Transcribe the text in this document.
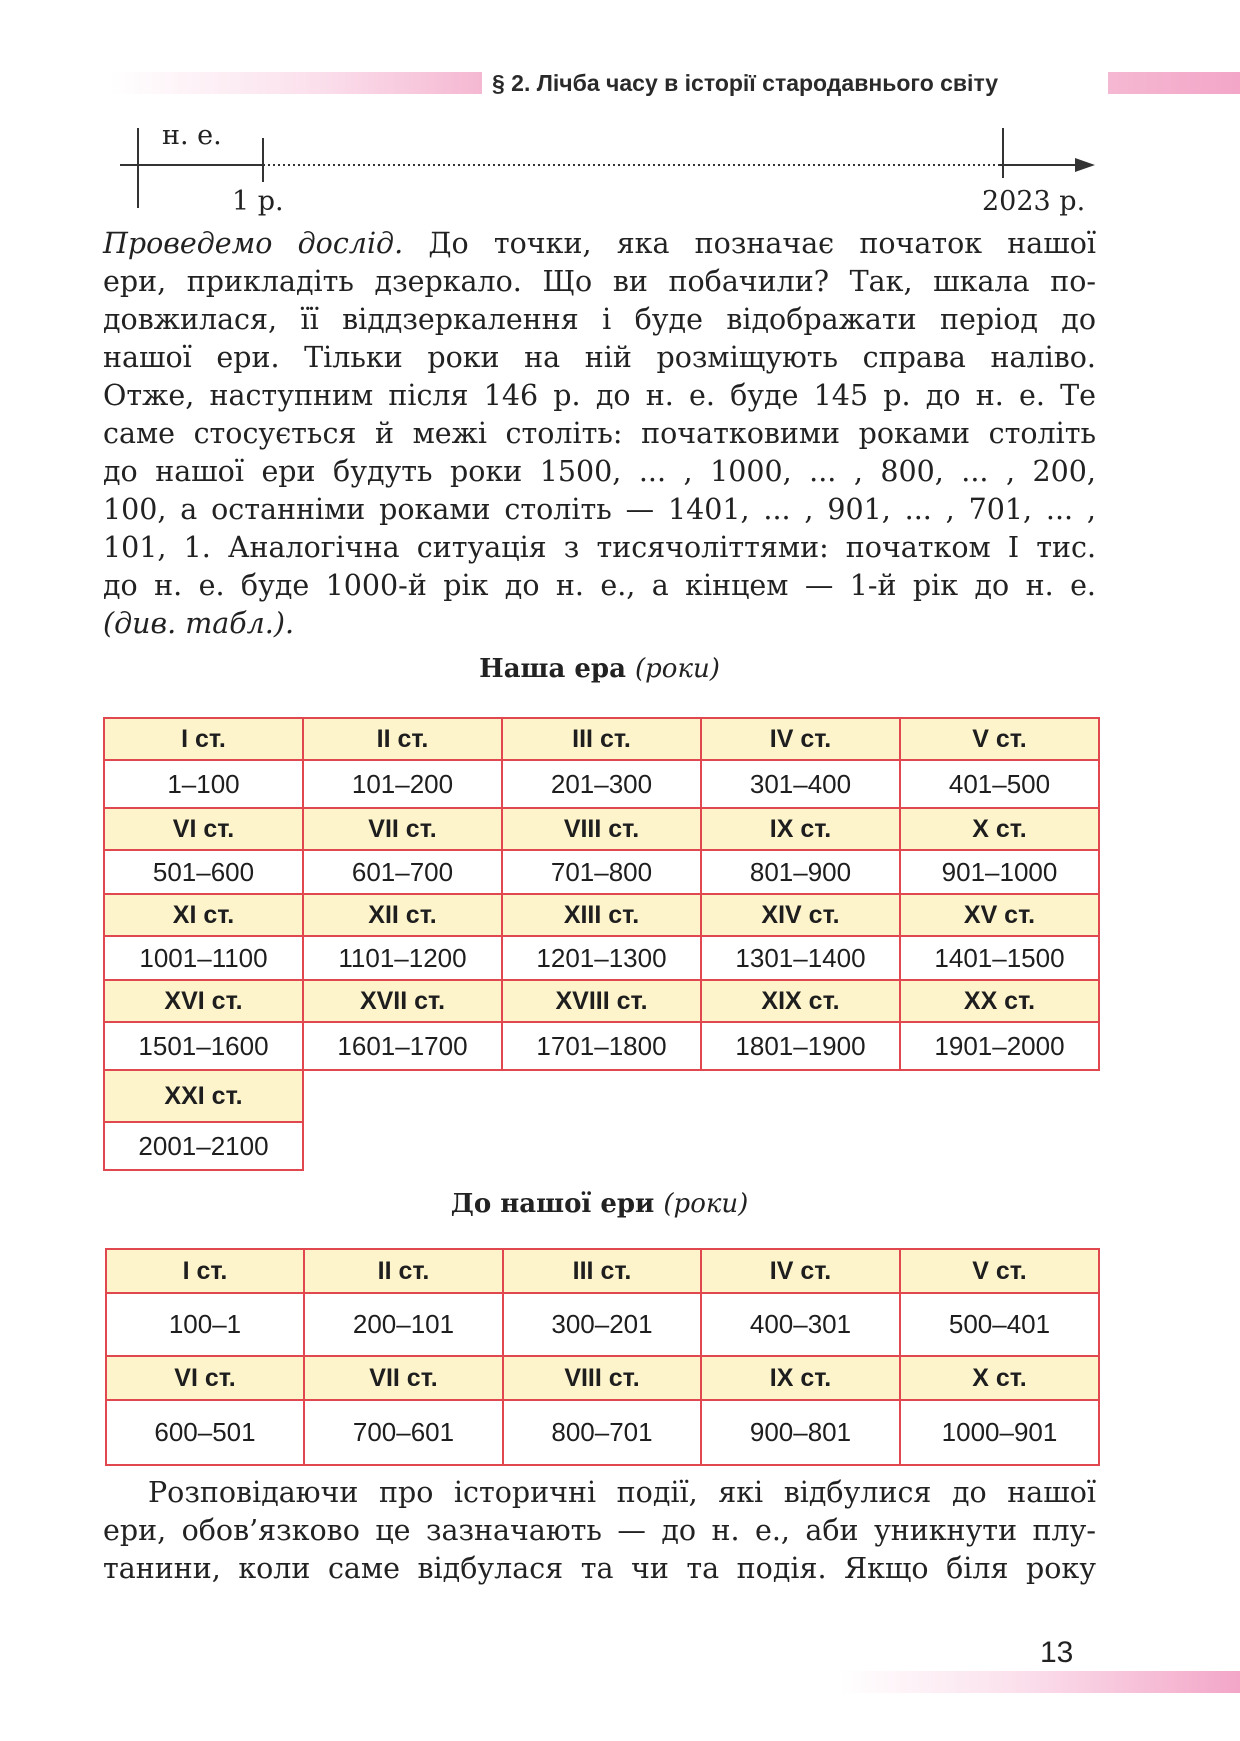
§ 2. Лічба часу в історії стародавнього світу
н. е.
1 р.	2023 р.
Проведемо дослід. До точки, яка позначає початок нашої
ери, прикладіть дзеркало. Що ви побачили? Так, шкала по-
довжилася, її віддзеркалення і буде відображати період до
нашої ери. Тільки роки на ній розміщують справа наліво.
Отже, наступним після 146 р. до н. е. буде 145 р. до н. е. Те
саме стосується й межі століть: початковими роками століть
до нашої ери будуть роки 1500, ... , 1000, ... , 800, ... , 200,
100, а останніми роками століть — 1401, ... , 901, ... , 701, ... ,
101, 1. Аналогічна ситуація з тисячоліттями: початком І тис.
до н. е. буде 1000-й рік до н. е., а кінцем — 1-й рік до н. е.
(див. табл.).
Наша ера (роки)
І ст.	ІІ ст.	ІІІ ст.	ІV ст.	V ст.
1–100	101–200	201–300	301–400	401–500
VІ ст.	VІІ ст.	VІІІ ст.	ІХ ст.	Х ст.
501–600	601–700	701–800	801–900	901–1000
ХІ ст.	ХІІ ст.	ХІІІ ст.	ХІV ст.	ХV ст.
1001–1100	1101–1200	1201–1300	1301–1400	1401–1500
ХVІ ст.	ХVІІ ст.	ХVІІІ ст.	ХІХ ст.	ХХ ст.
1501–1600	1601–1700	1701–1800	1801–1900	1901–2000
ХХІ ст.				
2001–2100				
До нашої ери (роки)
І ст.	ІІ ст.	ІІІ ст.	ІV ст.	V ст.
100–1	200–101	300–201	400–301	500–401
VІ ст.	VІІ ст.	VІІІ ст.	ІХ ст.	Х ст.
600–501	700–601	800–701	900–801	1000–901
Розповідаючи про історичні події, які відбулися до нашої
ери, обов’язково це зазначають — до н. е., аби уникнути плу-
танини, коли саме відбулася та чи та подія. Якщо біля року
13
